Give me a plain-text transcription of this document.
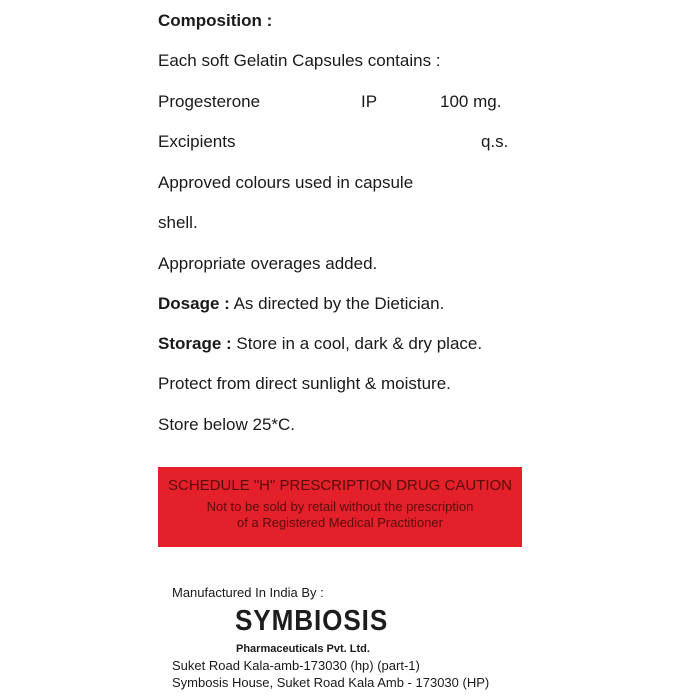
Composition :
Each soft Gelatin Capsules contains :
Progesterone	IP	100 mg.
Excipients	q.s.
Approved colours used in capsule
shell.
Appropriate overages added.
Dosage : As directed by the Dietician.
Storage : Store in a cool, dark & dry place.
Protect from direct sunlight & moisture.
Store below 25*C.
SCHEDULE "H" PRESCRIPTION DRUG CAUTION
Not to be sold by retail without the prescription
of a Registered Medical Practitioner
Manufactured In India By :
SYMBIOSIS
Pharmaceuticals Pvt. Ltd.
Suket Road Kala-amb-173030 (hp) (part-1)
Symbosis House, Suket Road Kala Amb - 173030 (HP)
